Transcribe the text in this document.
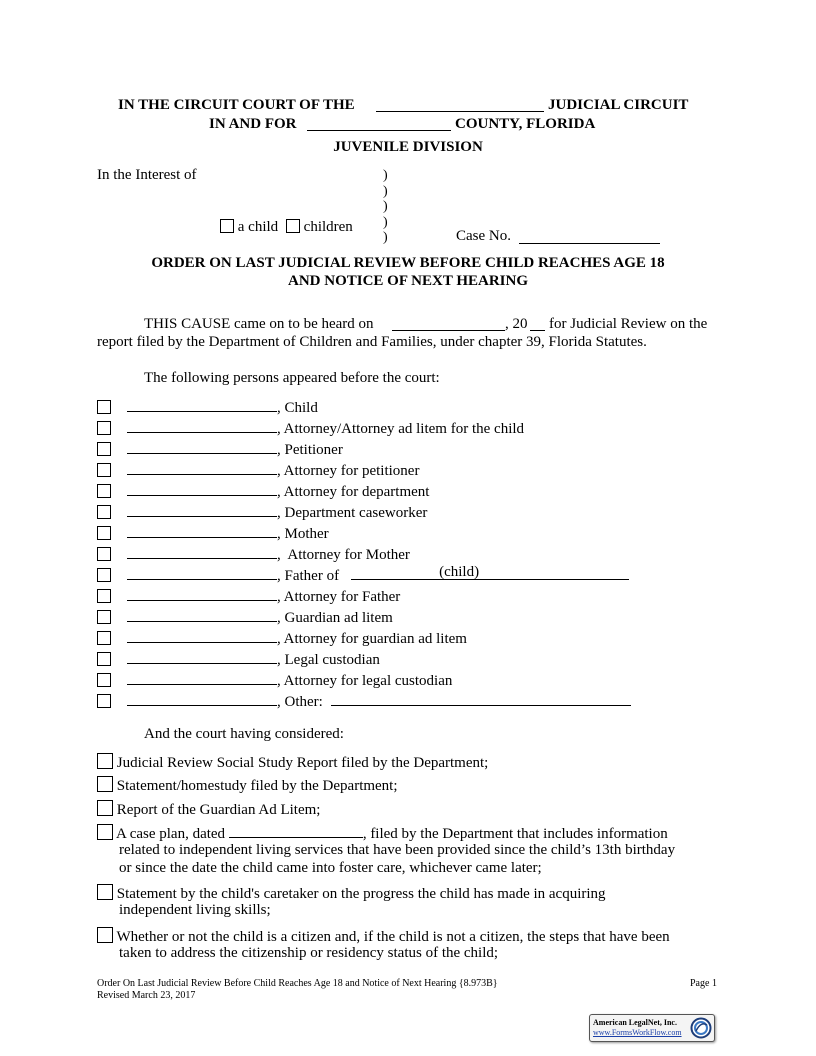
IN THE CIRCUIT COURT OF THE	JUDICIAL CIRCUIT
IN AND FOR	COUNTY, FLORIDA
JUVENILE DIVISION
In the Interest of	)
)
)
)
)
a child children
Case No.
ORDER ON LAST JUDICIAL REVIEW BEFORE CHILD REACHES AGE 18
AND NOTICE OF NEXT HEARING
THIS CAUSE came on to be heard on	, 20 for Judicial Review on the
report filed by the Department of Children and Families, under chapter 39, Florida Statutes.
The following persons appeared before the court:
, Child
, Attorney/Attorney ad litem for the child
, Petitioner
, Attorney for petitioner
, Attorney for department
, Department caseworker
, Mother
,  Attorney for Mother
, Father of	(child)
, Attorney for Father
, Guardian ad litem
, Attorney for guardian ad litem
, Legal custodian
, Attorney for legal custodian
, Other:
And the court having considered:
Judicial Review Social Study Report filed by the Department;
Statement/homestudy filed by the Department;
Report of the Guardian Ad Litem;
A case plan, dated	, filed by the Department that includes information
related to independent living services that have been provided since the child’s 13th birthday
or since the date the child came into foster care, whichever came later;
Statement by the child's caretaker on the progress the child has made in acquiring
independent living skills;
Whether or not the child is a citizen and, if the child is not a citizen, the steps that have been
taken to address the citizenship or residency status of the child;
Order On Last Judicial Review Before Child Reaches Age 18 and Notice of Next Hearing {8.973B}
Revised March 23, 2017
Page 1
American LegalNet, Inc.
www.FormsWorkFlow.com
